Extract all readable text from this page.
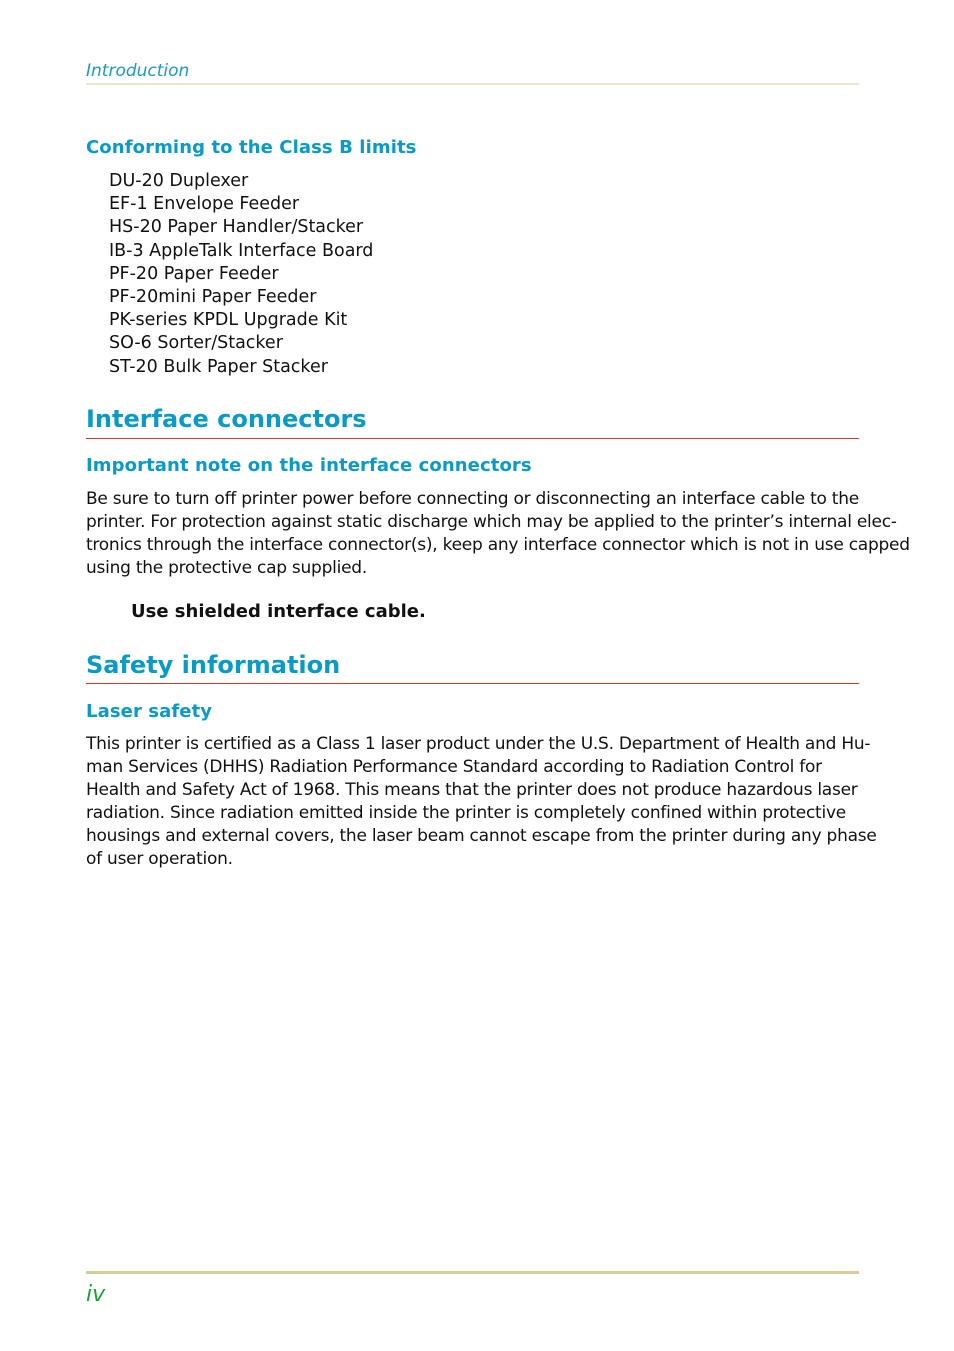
Introduction
Conforming to the Class B limits
DU-20 Duplexer
EF-1 Envelope Feeder
HS-20 Paper Handler/Stacker
IB-3 AppleTalk Interface Board
PF-20 Paper Feeder
PF-20mini Paper Feeder
PK-series KPDL Upgrade Kit
SO-6 Sorter/Stacker
ST-20 Bulk Paper Stacker
Interface connectors
Important note on the interface connectors
Be sure to turn off printer power before connecting or disconnecting an interface cable to the
printer. For protection against static discharge which may be applied to the printer’s internal elec-
tronics through the interface connector(s), keep any interface connector which is not in use capped
using the protective cap supplied.
Use shielded interface cable.
Safety information
Laser safety
This printer is certified as a Class 1 laser product under the U.S. Department of Health and Hu-
man Services (DHHS) Radiation Performance Standard according to Radiation Control for
Health and Safety Act of 1968. This means that the printer does not produce hazardous laser
radiation. Since radiation emitted inside the printer is completely confined within protective
housings and external covers, the laser beam cannot escape from the printer during any phase
of user operation.
iv
